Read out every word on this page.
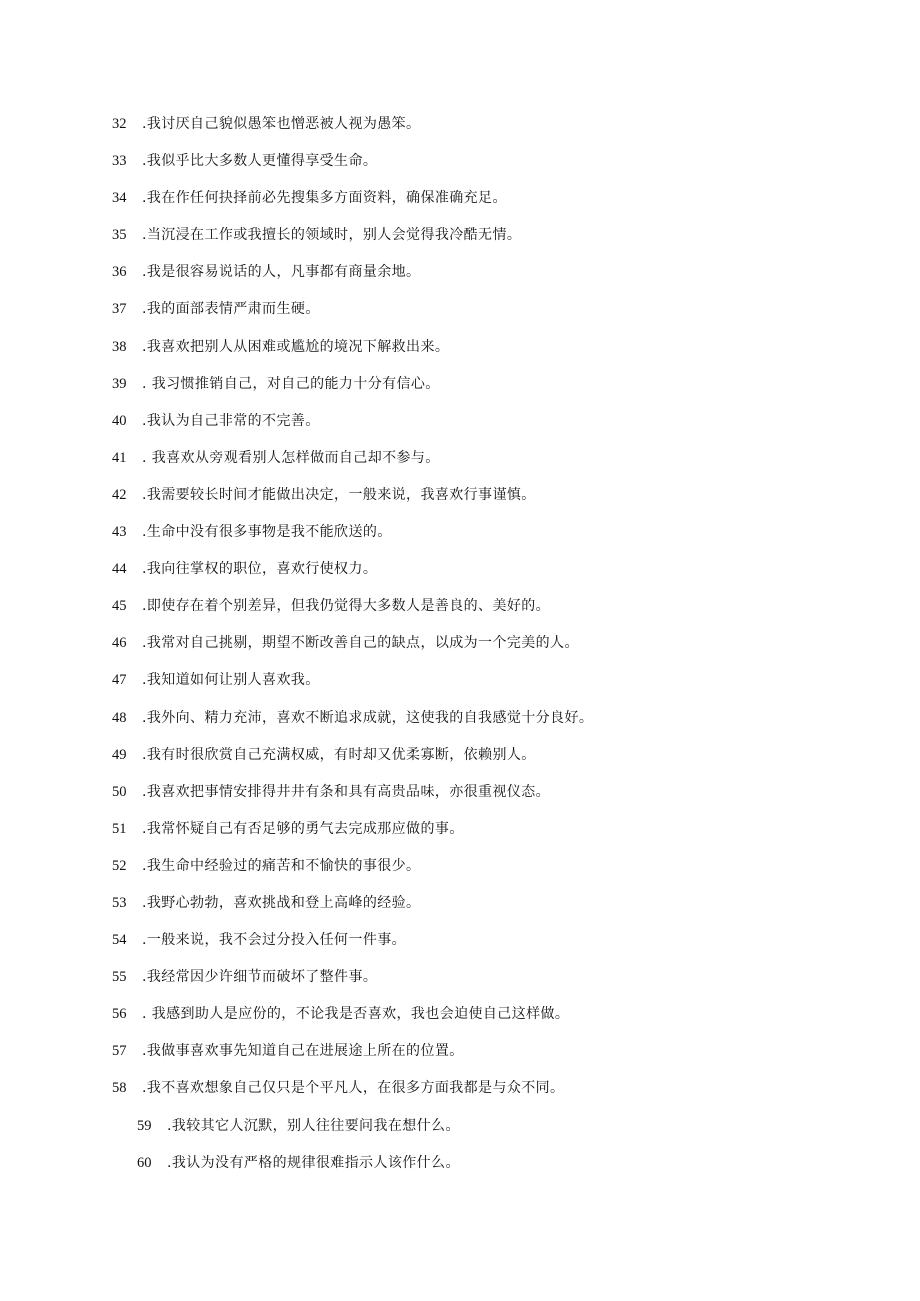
32	.我讨厌自己貌似愚笨也憎恶被人视为愚笨。
33	.我似乎比大多数人更懂得享受生命。
34	.我在作任何抉择前必先搜集多方面资料，确保准确充足。
35	.当沉浸在工作或我擅长的领域时，别人会觉得我冷酷无情。
36	.我是很容易说话的人，凡事都有商量余地。
37	.我的面部表情严肃而生硬。
38	.我喜欢把别人从困难或尴尬的境况下解救出来。
39	. 我习惯推销自己，对自己的能力十分有信心。
40	.我认为自己非常的不完善。
41	. 我喜欢从旁观看别人怎样做而自己却不参与。
42	.我需要较长时间才能做出决定，一般来说，我喜欢行事谨慎。
43	.生命中没有很多事物是我不能欣送的。
44	.我向往掌权的职位，喜欢行使权力。
45	.即使存在着个别差异，但我仍觉得大多数人是善良的、美好的。
46	.我常对自己挑剔，期望不断改善自己的缺点，以成为一个完美的人。
47	.我知道如何让别人喜欢我。
48	.我外向、精力充沛，喜欢不断追求成就，这使我的自我感觉十分良好。
49	.我有时很欣赏自己充满权威，有时却又优柔寡断，依赖别人。
50	.我喜欢把事情安排得井井有条和具有高贵品味，亦很重视仪态。
51	.我常怀疑自己有否足够的勇气去完成那应做的事。
52	.我生命中经验过的痛苦和不愉快的事很少。
53	.我野心勃勃，喜欢挑战和登上高峰的经验。
54	.一般来说，我不会过分投入任何一件事。
55	.我经常因少许细节而破坏了整件事。
56	. 我感到助人是应份的，不论我是否喜欢，我也会迫使自己这样做。
57	.我做事喜欢事先知道自己在进展途上所在的位置。
58	.我不喜欢想象自己仅只是个平凡人，在很多方面我都是与众不同。
59	.我较其它人沉默，别人往往要问我在想什么。
60	.我认为没有严格的规律很难指示人该作什么。
